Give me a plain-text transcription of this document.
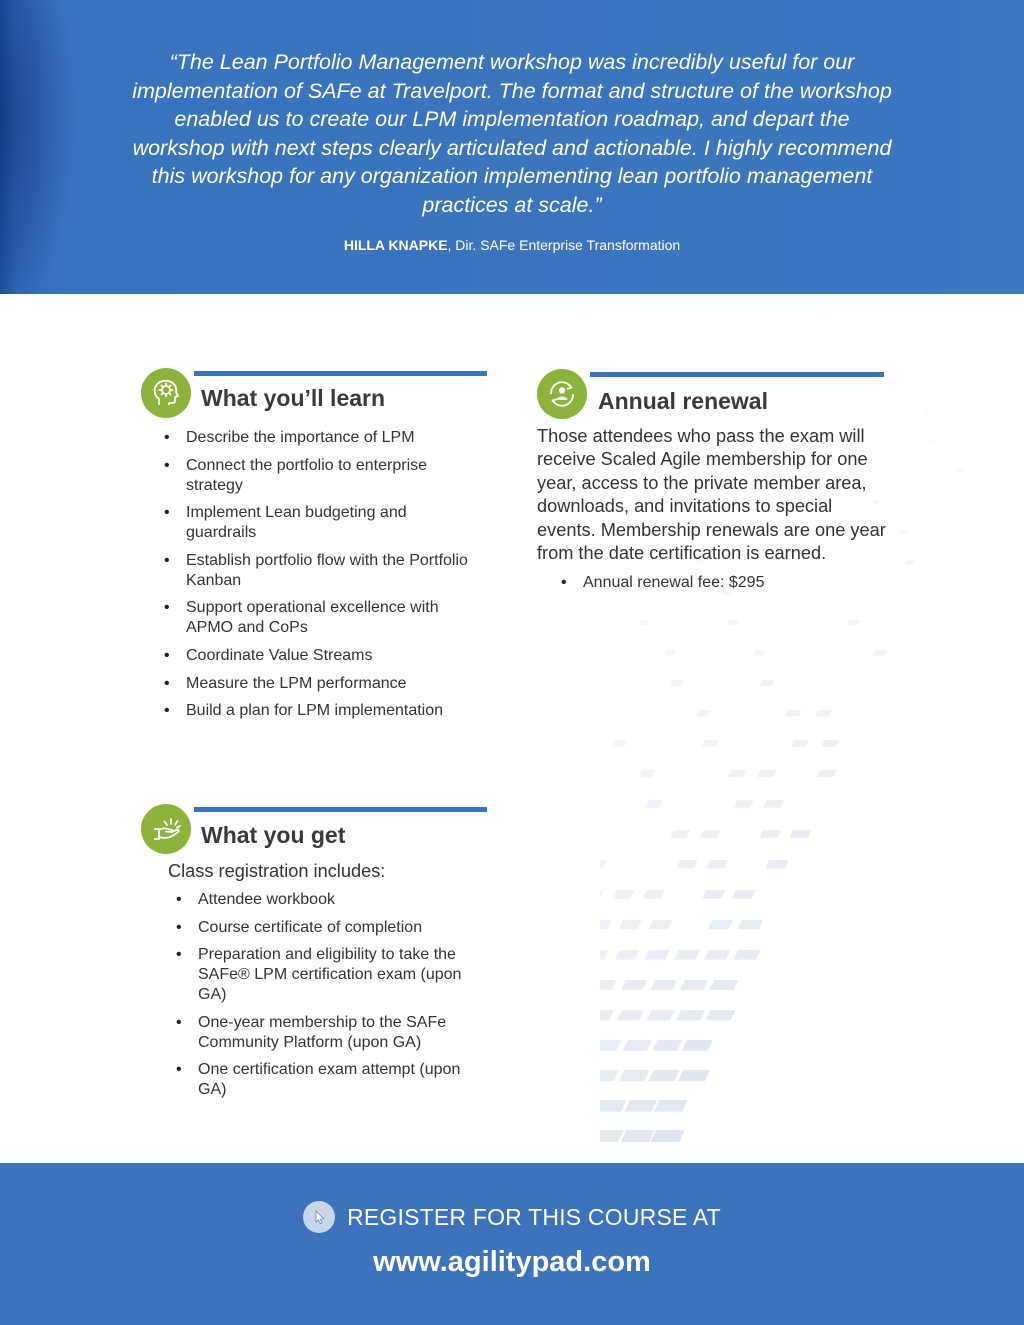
“The Lean Portfolio Management workshop was incredibly useful for our implementation of SAFe at Travelport. The format and structure of the workshop enabled us to create our LPM implementation roadmap, and depart the workshop with next steps clearly articulated and actionable. I highly recommend this workshop for any organization implementing lean portfolio management practices at scale.”
HILLA KNAPKE, Dir. SAFe Enterprise Transformation
What you’ll learn
• Describe the importance of LPM
• Connect the portfolio to enterprise strategy
• Implement Lean budgeting and guardrails
• Establish portfolio flow with the Portfolio Kanban
• Support operational excellence with APMO and CoPs
• Coordinate Value Streams
• Measure the LPM performance
• Build a plan for LPM implementation
Annual renewal
Those attendees who pass the exam will receive Scaled Agile membership for one year, access to the private member area, downloads, and invitations to special events. Membership renewals are one year from the date certification is earned.
• Annual renewal fee: $295
What you get
Class registration includes:
• Attendee workbook
• Course certificate of completion
• Preparation and eligibility to take the SAFe® LPM certification exam (upon GA)
• One-year membership to the SAFe Community Platform (upon GA)
• One certification exam attempt (upon GA)
REGISTER FOR THIS COURSE AT
www.agilitypad.com
